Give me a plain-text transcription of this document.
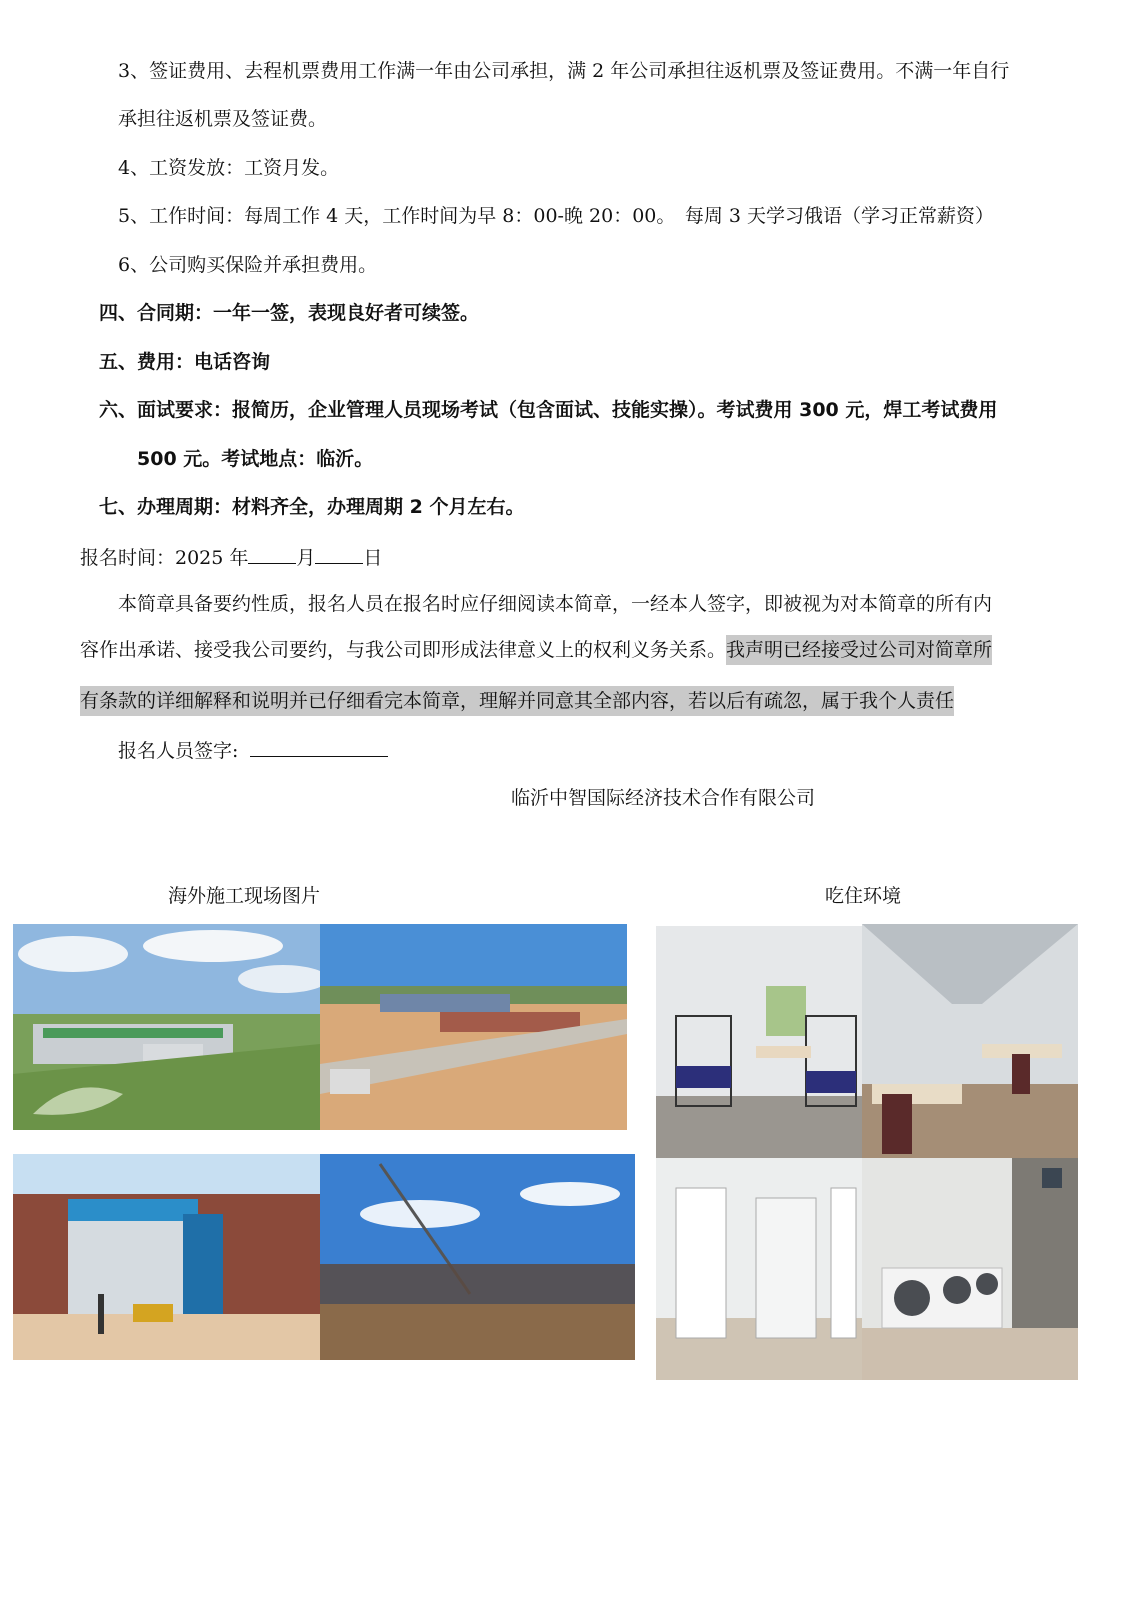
3、签证费用、去程机票费用工作满一年由公司承担，满 2 年公司承担往返机票及签证费用。不满一年自行
承担往返机票及签证费。
4、工资发放：工资月发。
5、工作时间：每周工作 4 天，工作时间为早 8：00-晚 20：00。　每周 3 天学习俄语（学习正常薪资）
6、公司购买保险并承担费用。
四、合同期：一年一签，表现良好者可续签。
五、费用：电话咨询
六、面试要求：报简历，企业管理人员现场考试（包含面试、技能实操）。考试费用 300 元，焊工考试费用
500 元。考试地点：临沂。
七、办理周期：材料齐全，办理周期 2 个月左右。
报名时间：2025 年	月	日
本简章具备要约性质，报名人员在报名时应仔细阅读本简章，一经本人签字，即被视为对本简章的所有内
容作出承诺、接受我公司要约，与我公司即形成法律意义上的权利义务关系。我声明已经接受过公司对简章所
有条款的详细解释和说明并已仔细看完本简章，理解并同意其全部内容，若以后有疏忽，属于我个人责任
报名人员签字:
临沂中智国际经济技术合作有限公司
海外施工现场图片	吃住环境
